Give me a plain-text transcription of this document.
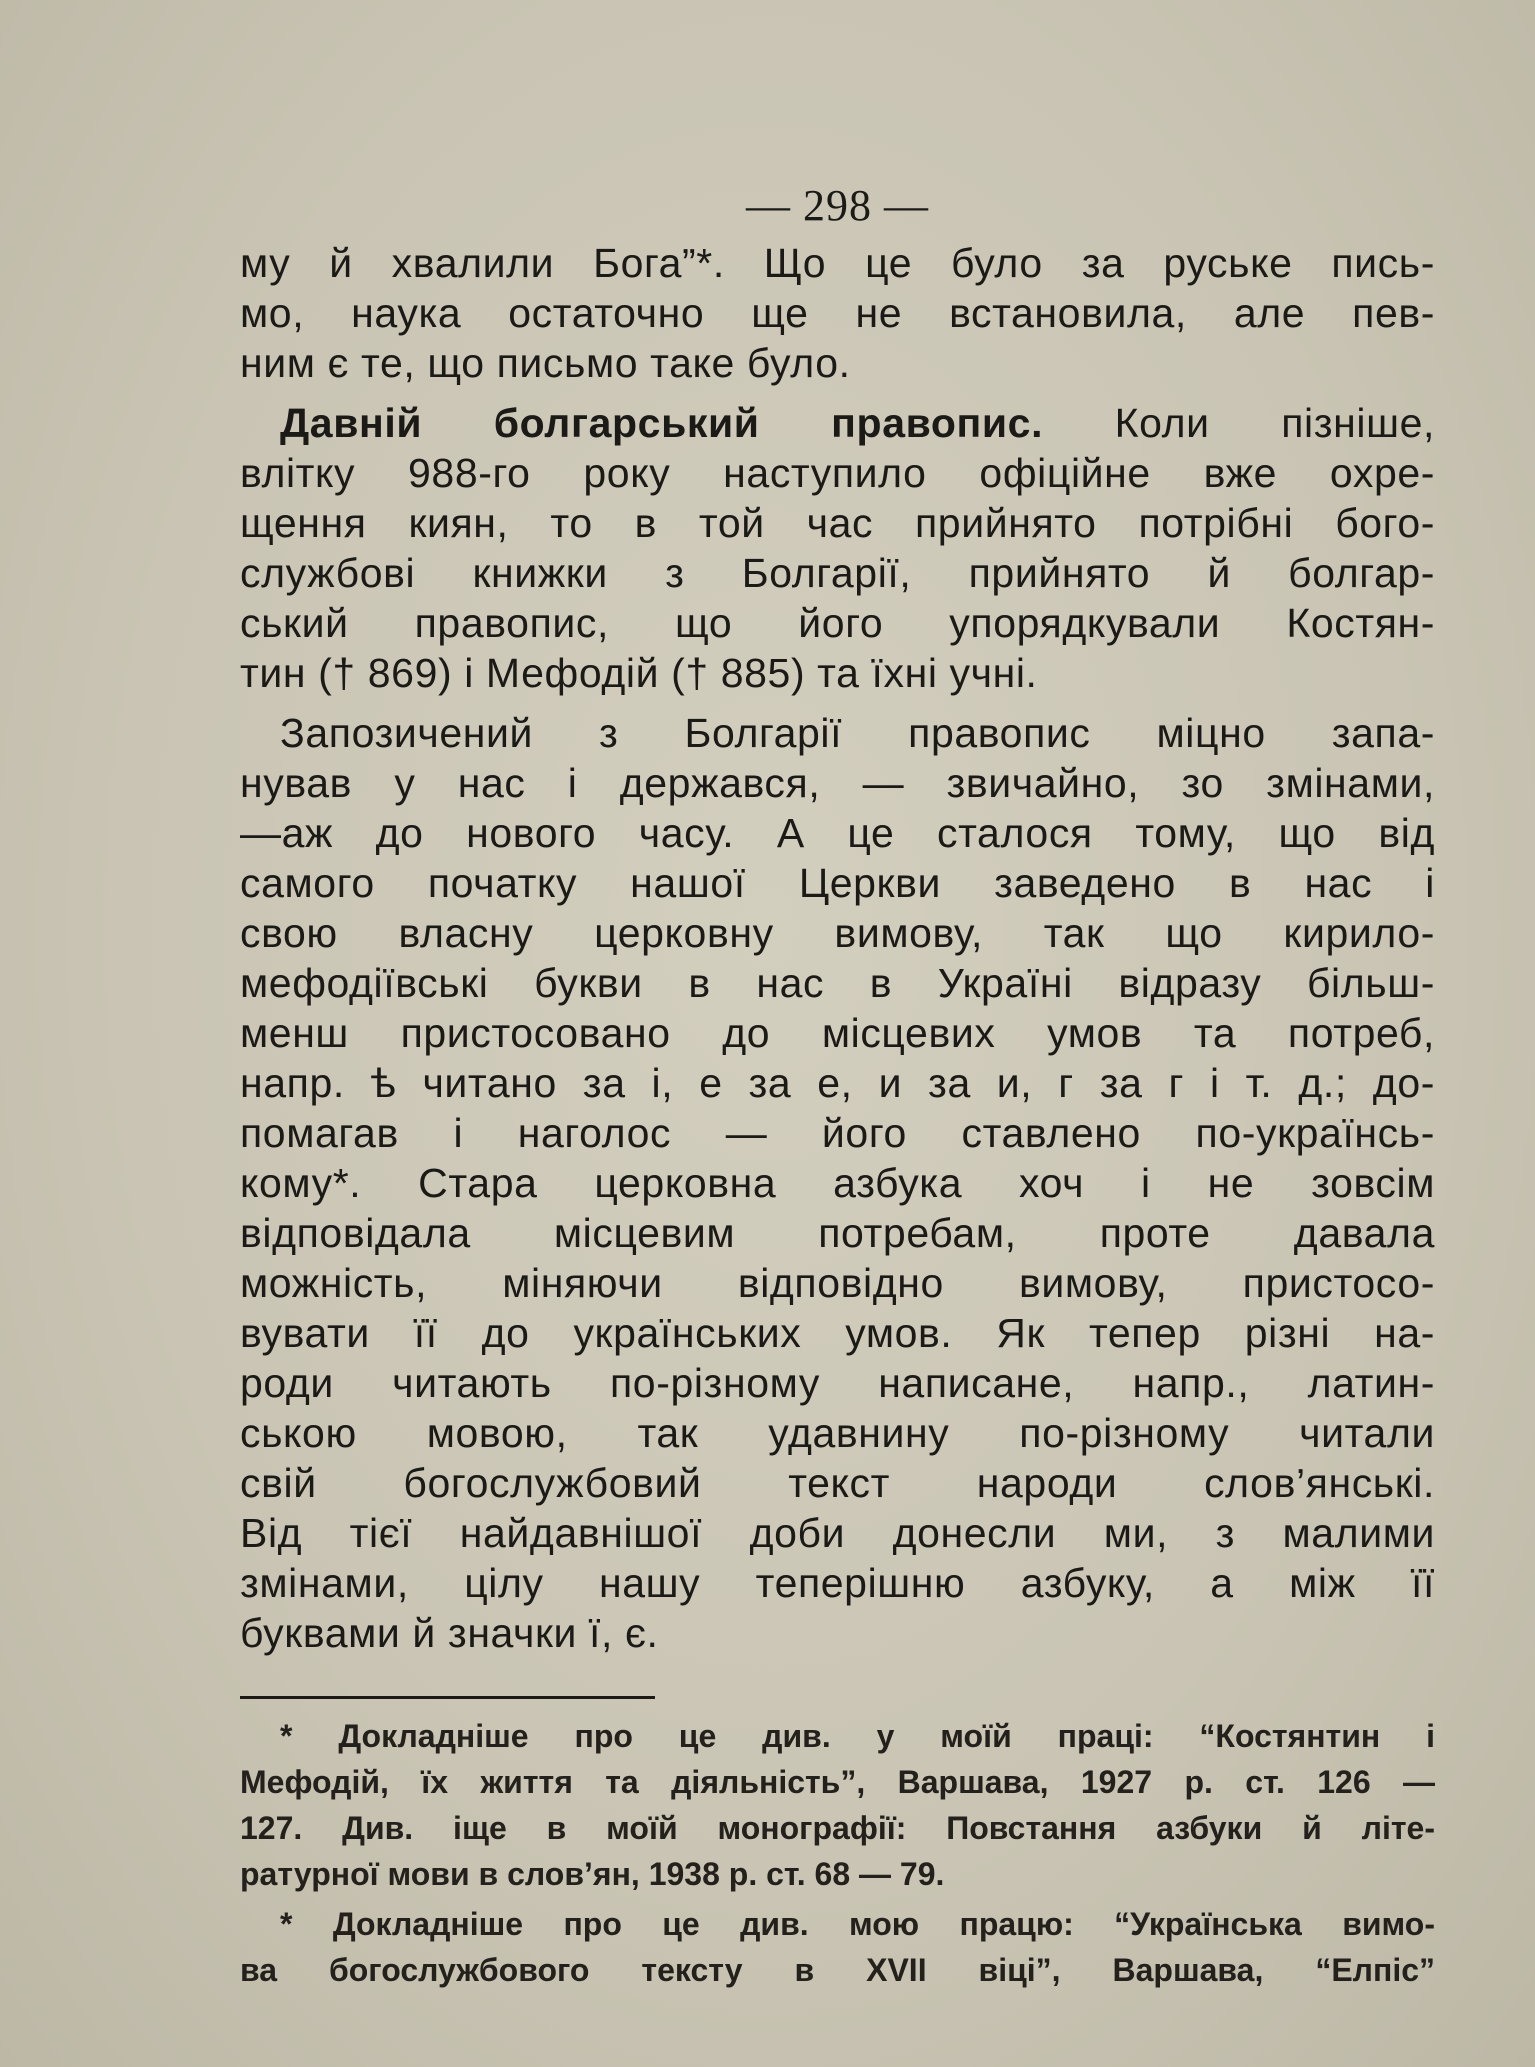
— 298 —
му й хвалили Бога”*. Що це було за руське пись-
мо, наука остаточно ще не встановила, але пев-
ним є те, що письмо таке було.
Давній болгарський правопис. Коли пізніше,
влітку 988-го року наступило офіційне вже охре-
щення киян, то в той час прийнято потрібні бого-
службові книжки з Болгарії, прийнято й болгар-
ський правопис, що його упорядкували Костян-
тин († 869) і Мефодій († 885) та їхні учні.
Запозичений з Болгарії правопис міцно запа-
нував у нас і держався, — звичайно, зо змінами,
—аж до нового часу. А це сталося тому, що від
самого початку нашої Церкви заведено в нас і
свою власну церковну вимову, так що кирило-
мефодіївські букви в нас в Україні відразу більш-
менш пристосовано до місцевих умов та потреб,
напр. ѣ читано за і, е за е, и за и, г за г і т. д.; до-
помагав і наголос — його ставлено по-українсь-
кому*. Стара церковна азбука хоч і не зовсім
відповідала місцевим потребам, проте давала
можність, міняючи відповідно вимову, пристосо-
вувати її до українських умов. Як тепер різні на-
роди читають по-різному написане, напр., латин-
ською мовою, так удавнину по-різному читали
свій богослужбовий текст народи слов’янські.
Від тієї найдавнішої доби донесли ми, з малими
змінами, цілу нашу теперішню азбуку, а між її
буквами й значки ї, є.
* Докладніше про це див. у моїй праці: “Костянтин і
Мефодій, їх життя та діяльність”, Варшава, 1927 р. ст. 126 —
127. Див. іще в моїй монографії: Повстання азбуки й літе-
ратурної мови в слов’ян, 1938 р. ст. 68 — 79.
* Докладніше про це див. мою працю: “Українська вимо-
ва богослужбового тексту в XVII віці”, Варшава, “Елпіс”
